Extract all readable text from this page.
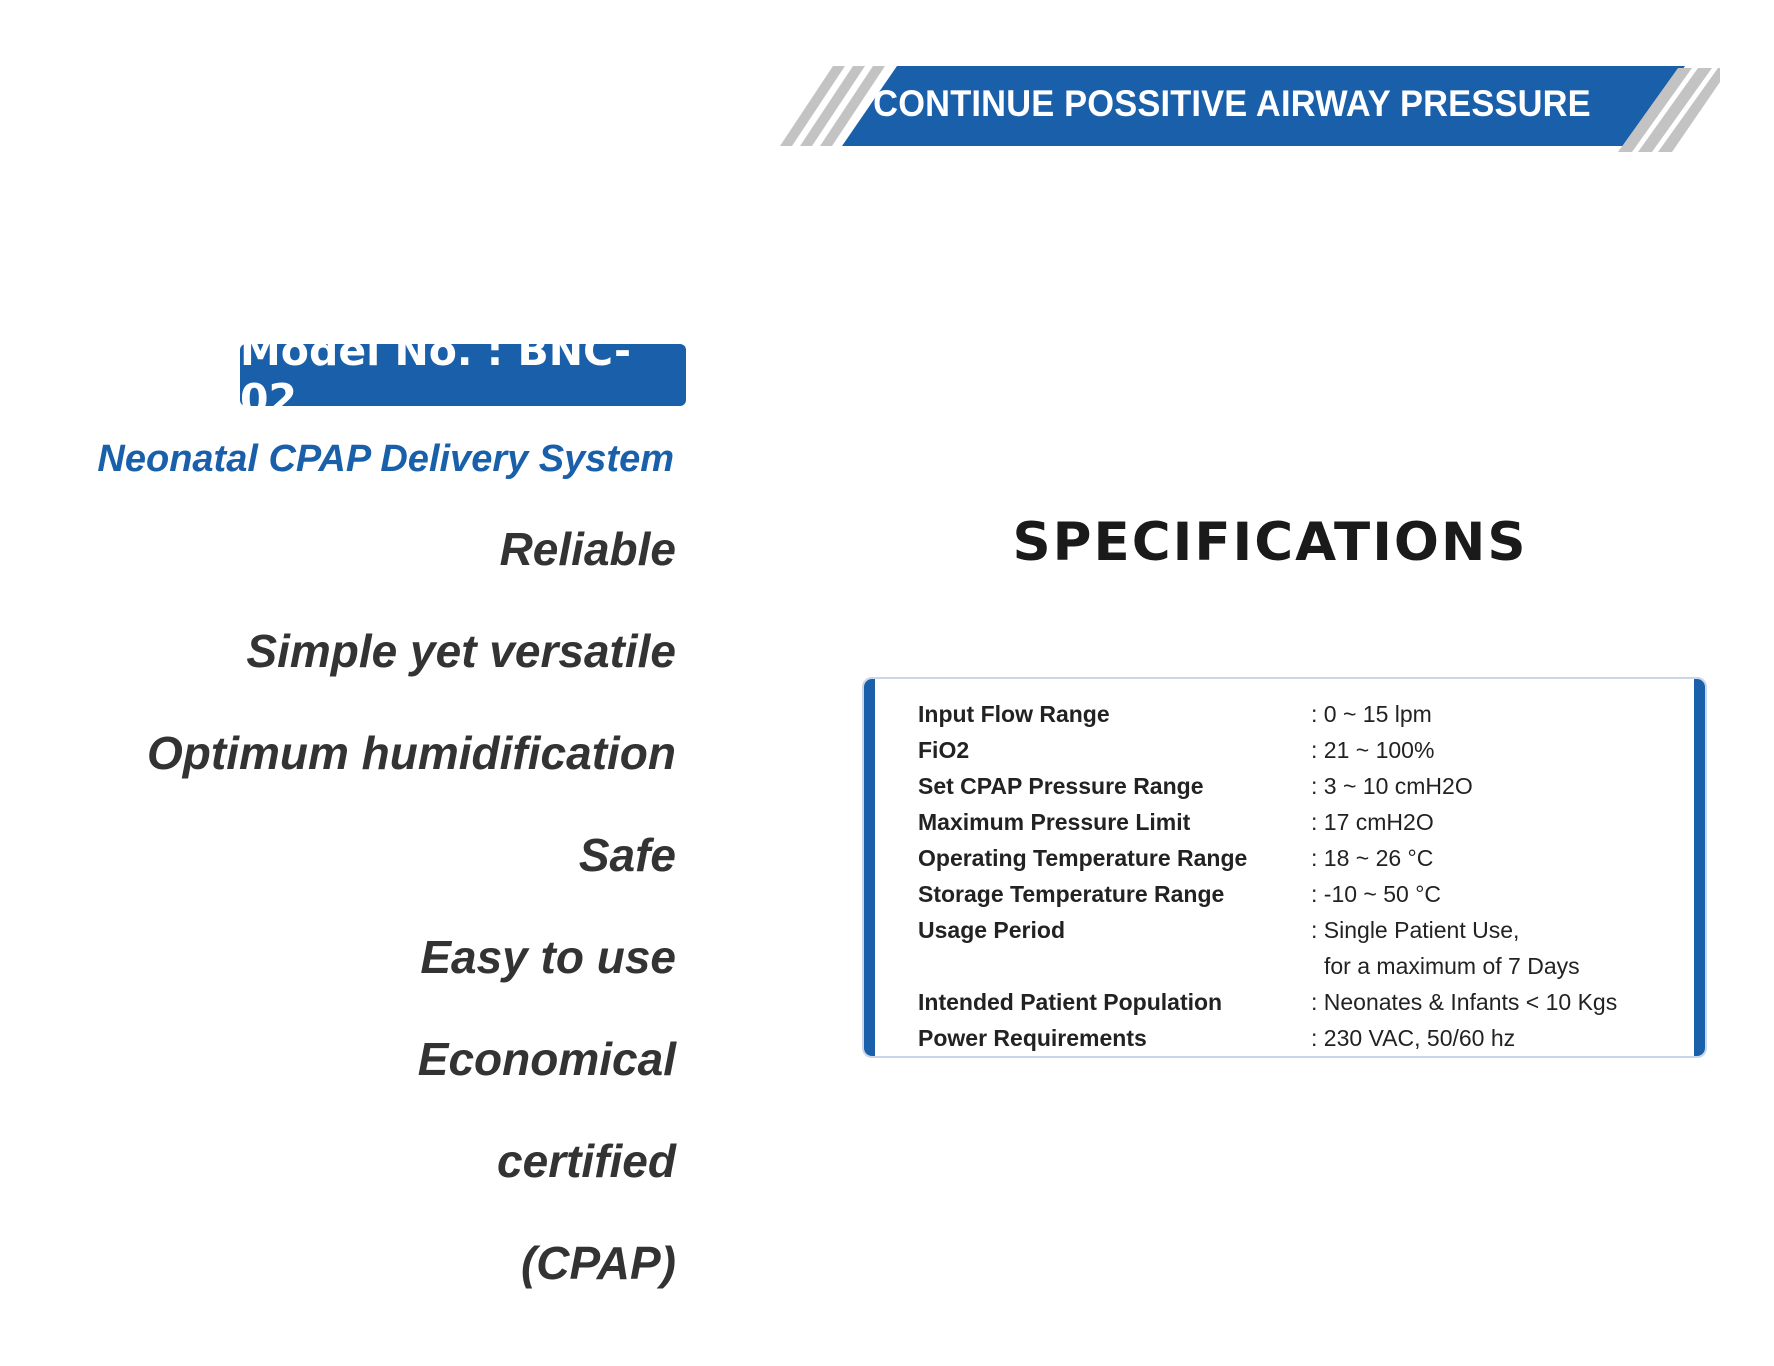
CONTINUE POSSITIVE AIRWAY PRESSURE
Model No. : BNC-02
Neonatal CPAP Delivery System
Reliable
Simple yet versatile
Optimum humidification
Safe
Easy to use
Economical
certified
(CPAP)
SPECIFICATIONS
Input Flow Range	: 0 ~ 15 lpm
FiO2	: 21 ~ 100%
Set CPAP Pressure Range	: 3 ~ 10 cmH2O
Maximum Pressure Limit	: 17 cmH2O
Operating Temperature Range	: 18 ~ 26 °C
Storage Temperature Range	: -10 ~ 50 °C
Usage Period	: Single Patient Use,
	for a maximum of 7 Days
Intended Patient Population	: Neonates & Infants < 10 Kgs
Power Requirements	: 230 VAC, 50/60 hz
